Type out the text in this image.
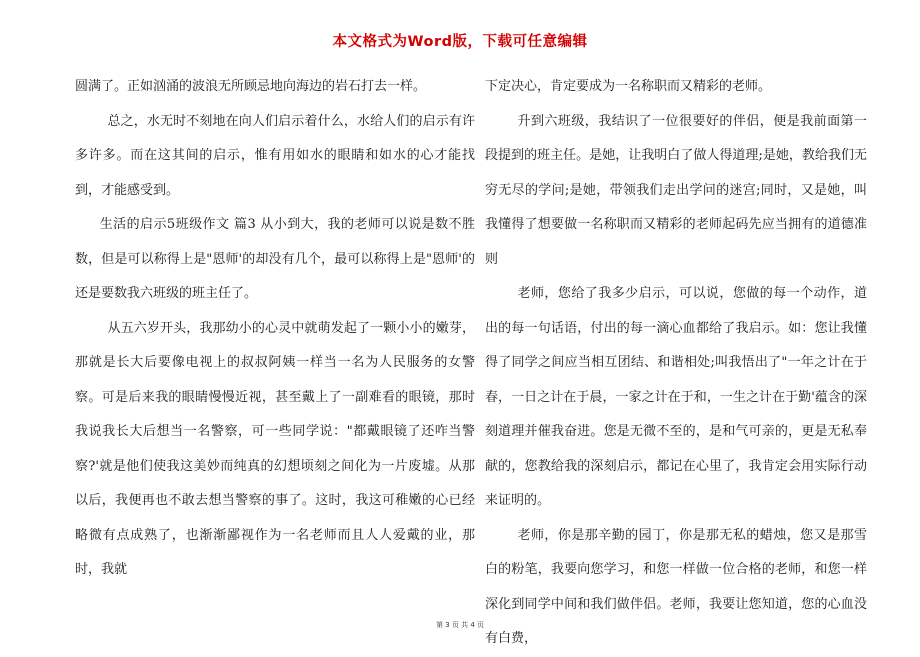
本文格式为Word版，下载可任意编辑

圆满了。正如汹涌的波浪无所顾忌地向海边的岩石打去一样。

总之，水无时不刻地在向人们启示着什么，水给人们的启示有许多许多。而在这其间的启示，惟有用如水的眼睛和如水的心才能找到，才能感受到。

生活的启示5班级作文 篇3 从小到大，我的老师可以说是数不胜数，但是可以称得上是"恩师'的却没有几个，最可以称得上是"恩师'的还是要数我六班级的班主任了。

从五六岁开头，我那幼小的心灵中就萌发起了一颗小小的嫩芽，那就是长大后要像电视上的叔叔阿姨一样当一名为人民服务的女警察。可是后来我的眼睛慢慢近视，甚至戴上了一副难看的眼镜，那时我说我长大后想当一名警察，可一些同学说："都戴眼镜了还咋当警察?'就是他们使我这美妙而纯真的幻想顷刻之间化为一片废墟。从那以后，我便再也不敢去想当警察的事了。这时，我这可稚嫩的心已经略微有点成熟了，也渐渐鄙视作为一名老师而且人人爱戴的业，那时，我就

下定决心，肯定要成为一名称职而又精彩的老师。

升到六班级，我结识了一位很要好的伴侣，便是我前面第一段提到的班主任。是她，让我明白了做人得道理;是她，教给我们无穷无尽的学问;是她，带领我们走出学问的迷宫;同时，又是她，叫我懂得了想要做一名称职而又精彩的老师起码先应当拥有的道德准则

老师，您给了我多少启示，可以说，您做的每一个动作，道出的每一句话语，付出的每一滴心血都给了我启示。如：您让我懂得了同学之间应当相互团结、和谐相处;叫我悟出了"一年之计在于春，一日之计在于晨，一家之计在于和，一生之计在于勤'蕴含的深刻道理并催我奋进。您是无微不至的，是和气可亲的，更是无私奉献的，您教给我的深刻启示，都记在心里了，我肯定会用实际行动来证明的。

老师，你是那辛勤的园丁，你是那无私的蜡烛，您又是那雪白的粉笔，我要向您学习，和您一样做一位合格的老师，和您一样深化到同学中间和我们做伴侣。老师，我要让您知道，您的心血没有白费，

第 3 页 共 4 页
